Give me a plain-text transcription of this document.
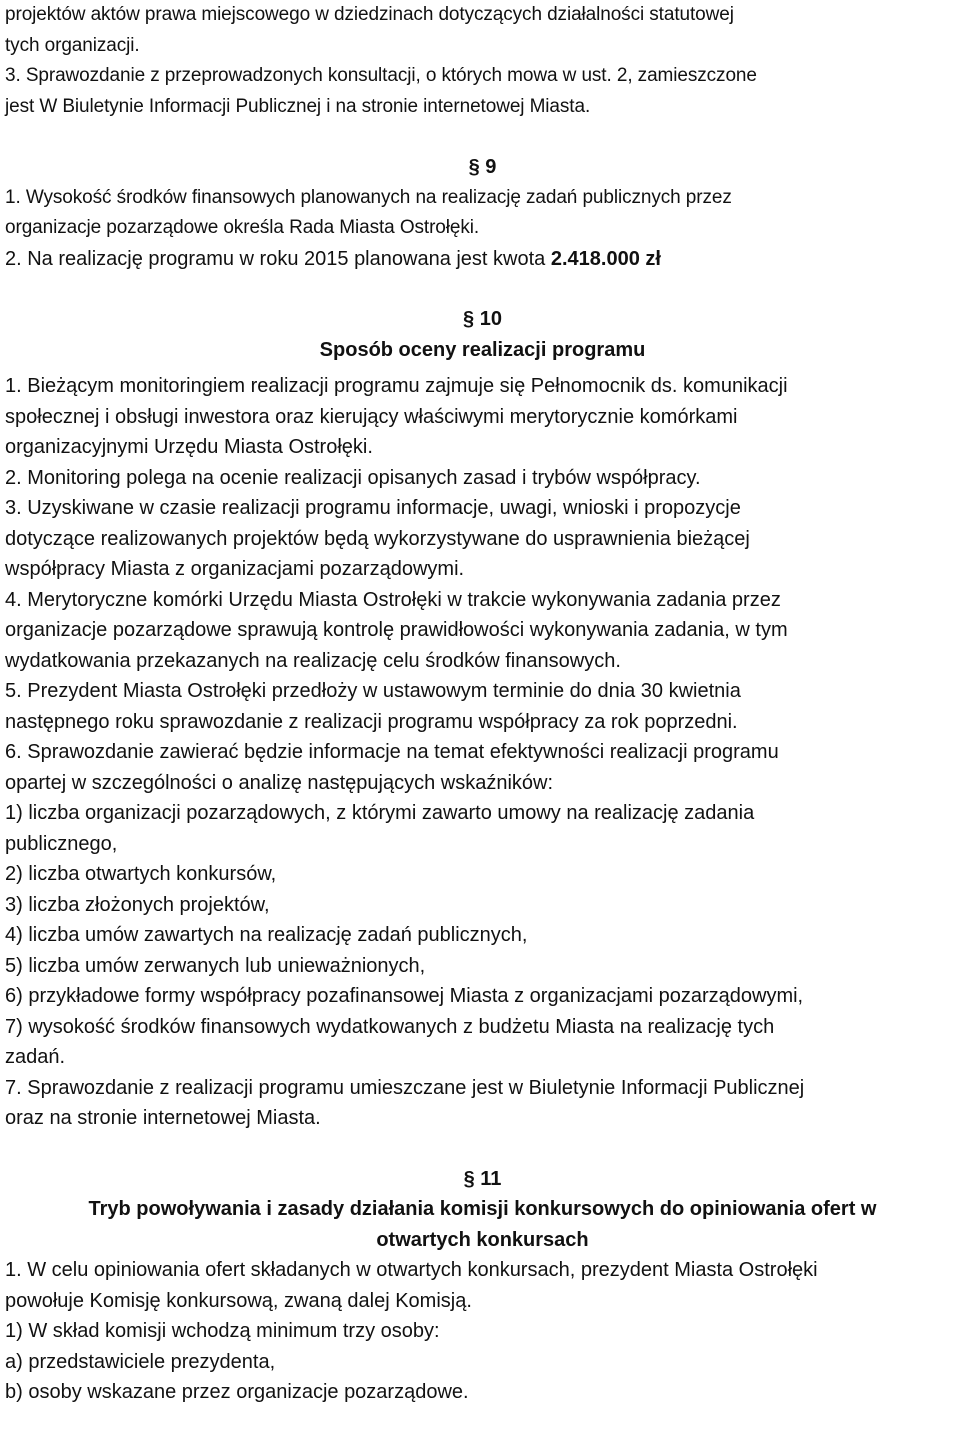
projektów aktów prawa miejscowego w dziedzinach dotyczących działalności statutowej
tych organizacji.
3. Sprawozdanie z przeprowadzonych konsultacji, o których mowa w ust. 2, zamieszczone
jest W Biuletynie Informacji Publicznej i na stronie internetowej Miasta.
§ 9
1. Wysokość środków finansowych planowanych na realizację zadań publicznych przez
organizacje pozarządowe określa Rada Miasta Ostrołęki.
2. Na realizację programu w roku 2015 planowana jest kwota 2.418.000 zł
§ 10
Sposób oceny realizacji programu
1. Bieżącym monitoringiem realizacji programu zajmuje się Pełnomocnik ds. komunikacji
społecznej i obsługi inwestora oraz kierujący właściwymi merytorycznie komórkami
organizacyjnymi Urzędu Miasta Ostrołęki.
2. Monitoring polega na ocenie realizacji opisanych zasad i trybów współpracy.
3. Uzyskiwane w czasie realizacji programu informacje, uwagi, wnioski i propozycje
dotyczące realizowanych projektów będą wykorzystywane do usprawnienia bieżącej
współpracy Miasta z organizacjami pozarządowymi.
4. Merytoryczne komórki Urzędu Miasta Ostrołęki w trakcie wykonywania zadania przez
organizacje pozarządowe sprawują kontrolę prawidłowości wykonywania zadania, w tym
wydatkowania przekazanych na realizację celu środków finansowych.
5. Prezydent Miasta Ostrołęki przedłoży w ustawowym terminie do dnia 30 kwietnia
następnego roku sprawozdanie z realizacji programu współpracy za rok poprzedni.
6. Sprawozdanie zawierać będzie informacje na temat efektywności realizacji programu
opartej w szczególności o analizę następujących wskaźników:
1) liczba organizacji pozarządowych, z którymi zawarto umowy na realizację zadania
publicznego,
2) liczba otwartych konkursów,
3) liczba złożonych projektów,
4) liczba umów zawartych na realizację zadań publicznych,
5) liczba umów zerwanych lub unieważnionych,
6) przykładowe formy współpracy pozafinansowej Miasta z organizacjami pozarządowymi,
7) wysokość środków finansowych wydatkowanych z budżetu Miasta na realizację tych
zadań.
7. Sprawozdanie z realizacji programu umieszczane jest w Biuletynie Informacji Publicznej
oraz na stronie internetowej Miasta.
§ 11
Tryb powoływania i zasady działania komisji konkursowych do opiniowania ofert w
otwartych konkursach
1. W celu opiniowania ofert składanych w otwartych konkursach, prezydent Miasta Ostrołęki
powołuje Komisję konkursową, zwaną dalej Komisją.
1) W skład komisji wchodzą minimum trzy osoby:
a) przedstawiciele prezydenta,
b) osoby wskazane przez organizacje pozarządowe.
